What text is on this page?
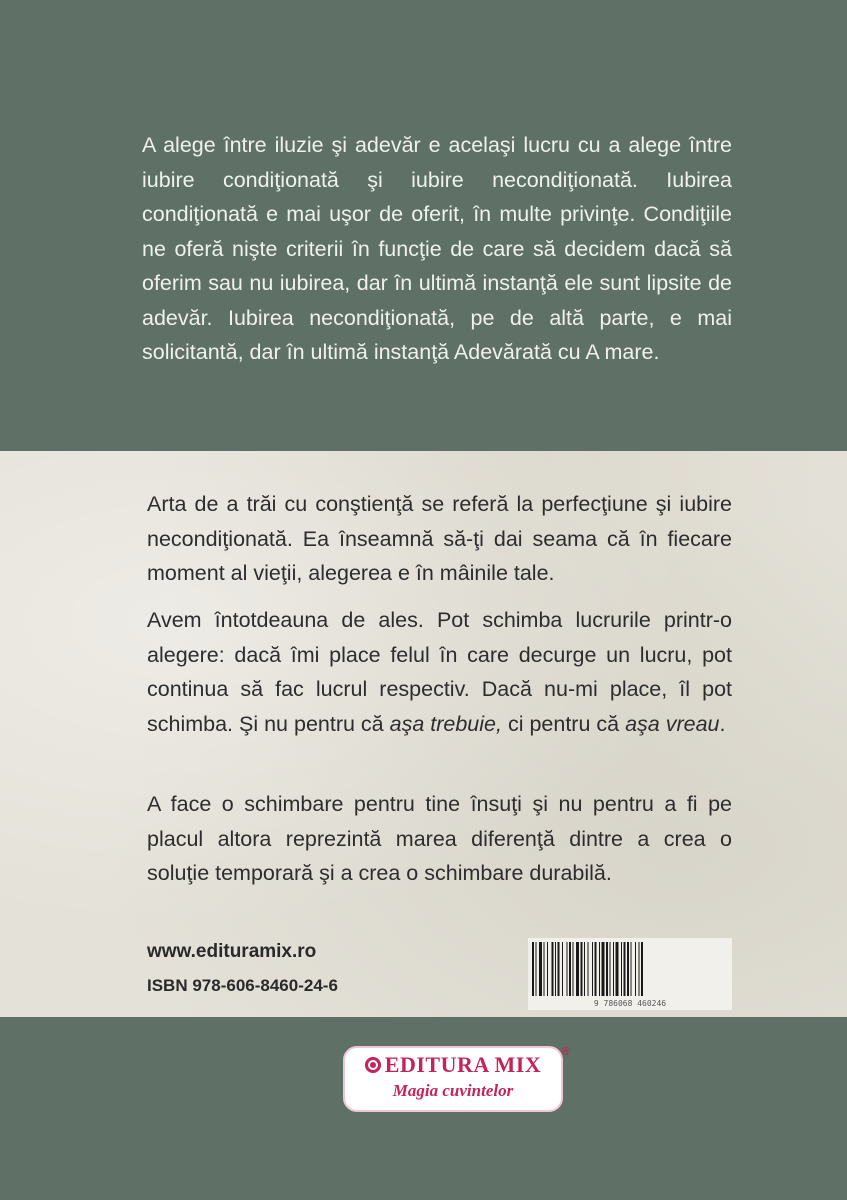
A alege între iluzie şi adevăr e acelaşi lucru cu a alege între iubire condiţionată şi iubire necondiţionată. Iubirea condiţionată e mai uşor de oferit, în multe privinţe. Condiţiile ne oferă nişte criterii în funcţie de care să decidem dacă să oferim sau nu iubirea, dar în ultimă instanţă ele sunt lipsite de adevăr. Iubirea necondiţionată, pe de altă parte, e mai solicitantă, dar în ultimă instanţă Adevărată cu A mare.

Arta de a trăi cu conştienţă se referă la perfecţiune şi iubire necondiţionată. Ea înseamnă să-ţi dai seama că în fiecare moment al vieţii, alegerea e în mâinile tale.

Avem întotdeauna de ales. Pot schimba lucrurile printr-o alegere: dacă îmi place felul în care decurge un lucru, pot continua să fac lucrul respectiv. Dacă nu-mi place, îl pot schimba. Şi nu pentru că aşa trebuie, ci pentru că aşa vreau.

A face o schimbare pentru tine însuţi şi nu pentru a fi pe placul altora reprezintă marea diferenţă dintre a crea o soluţie temporară şi a crea o schimbare durabilă.

www.edituramix.ro

ISBN 978-606-8460-24-6

9 786068 460246
EDITURA MIX
Magia cuvintelor
®
